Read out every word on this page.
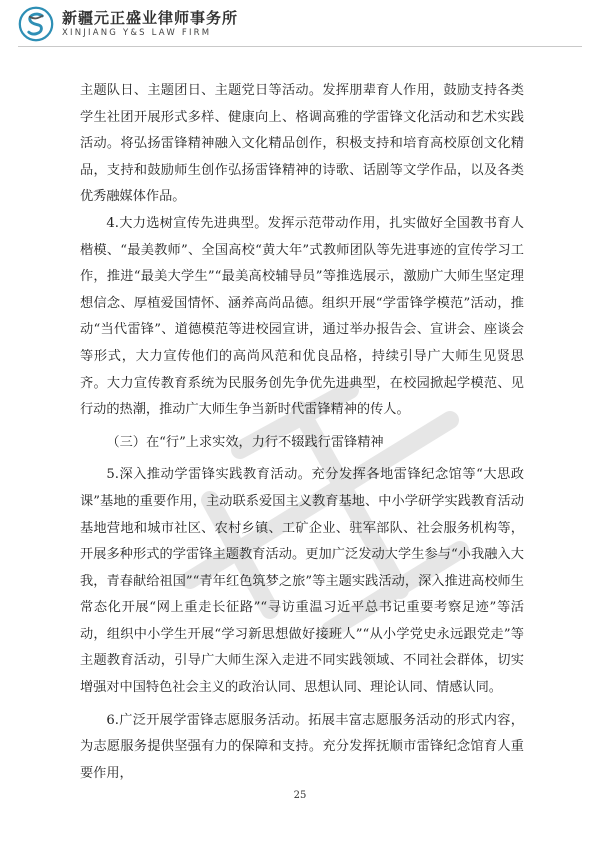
新疆元正盛业律师事务所
XINJIANG Y&S LAW FIRM

主题队日、主题团日、主题党日等活动。发挥朋辈育人作用，鼓励支持各类学生社团开展形式多样、健康向上、格调高雅的学雷锋文化活动和艺术实践活动。将弘扬雷锋精神融入文化精品创作，积极支持和培育高校原创文化精品，支持和鼓励师生创作弘扬雷锋精神的诗歌、话剧等文学作品，以及各类优秀融媒体作品。

4.大力选树宣传先进典型。发挥示范带动作用，扎实做好全国教书育人楷模、“最美教师”、全国高校“黄大年”式教师团队等先进事迹的宣传学习工作，推进“最美大学生”“最美高校辅导员”等推选展示，激励广大师生坚定理想信念、厚植爱国情怀、涵养高尚品德。组织开展“学雷锋学模范”活动，推动“当代雷锋”、道德模范等进校园宣讲，通过举办报告会、宣讲会、座谈会等形式，大力宣传他们的高尚风范和优良品格，持续引导广大师生见贤思齐。大力宣传教育系统为民服务创先争优先进典型，在校园掀起学模范、见行动的热潮，推动广大师生争当新时代雷锋精神的传人。

（三）在“行”上求实效，力行不辍践行雷锋精神

5.深入推动学雷锋实践教育活动。充分发挥各地雷锋纪念馆等“大思政课”基地的重要作用，主动联系爱国主义教育基地、中小学研学实践教育活动基地营地和城市社区、农村乡镇、工矿企业、驻军部队、社会服务机构等，开展多种形式的学雷锋主题教育活动。更加广泛发动大学生参与“小我融入大我，青春献给祖国”“青年红色筑梦之旅”等主题实践活动，深入推进高校师生常态化开展“网上重走长征路”“寻访重温习近平总书记重要考察足迹”等活动，组织中小学生开展“学习新思想做好接班人”“从小学党史永远跟党走”等主题教育活动，引导广大师生深入走进不同实践领域、不同社会群体，切实增强对中国特色社会主义的政治认同、思想认同、理论认同、情感认同。

6.广泛开展学雷锋志愿服务活动。拓展丰富志愿服务活动的形式内容，为志愿服务提供坚强有力的保障和支持。充分发挥抚顺市雷锋纪念馆育人重要作用，

25
